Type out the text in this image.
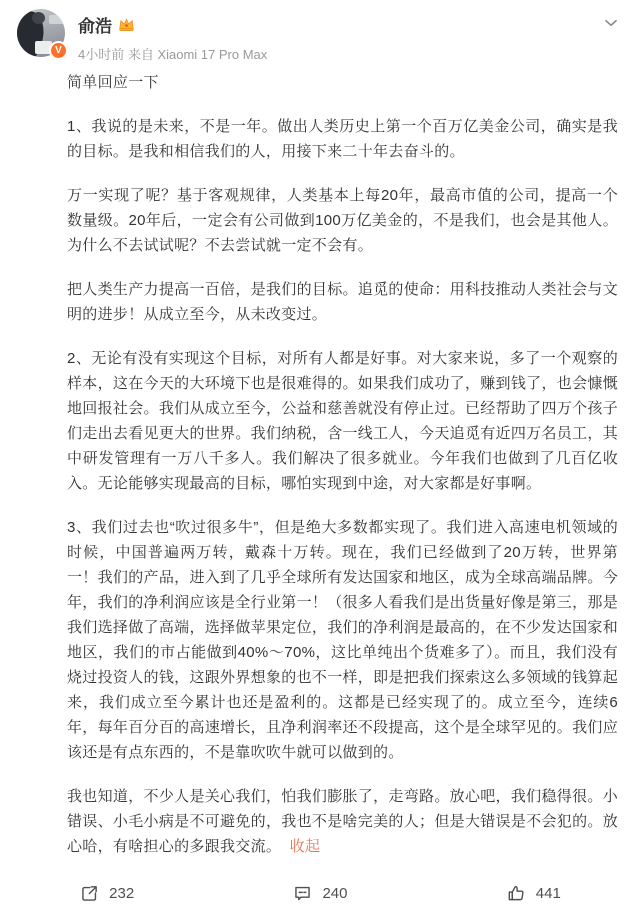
V
俞浩
4小时前 来自 Xiaomi 17 Pro Max

简单回应一下

1、我说的是未来，不是一年。做出人类历史上第一个百万亿美金公司，确实是我的目标。是我和相信我们的人，用接下来二十年去奋斗的。

万一实现了呢？基于客观规律，人类基本上每20年，最高市值的公司，提高一个数量级。20年后，一定会有公司做到100万亿美金的，不是我们，也会是其他人。为什么不去试试呢？不去尝试就一定不会有。

把人类生产力提高一百倍，是我们的目标。追觅的使命：用科技推动人类社会与文明的进步！从成立至今，从未改变过。

2、无论有没有实现这个目标，对所有人都是好事。对大家来说，多了一个观察的样本，这在今天的大环境下也是很难得的。如果我们成功了，赚到钱了，也会慷慨地回报社会。我们从成立至今，公益和慈善就没有停止过。已经帮助了四万个孩子们走出去看见更大的世界。我们纳税，含一线工人，今天追觅有近四万名员工，其中研发管理有一万八千多人。我们解决了很多就业。今年我们也做到了几百亿收入。无论能够实现最高的目标，哪怕实现到中途，对大家都是好事啊。

3、我们过去也“吹过很多牛”，但是绝大多数都实现了。我们进入高速电机领域的时候，中国普遍两万转，戴森十万转。现在，我们已经做到了20万转，世界第一！我们的产品，进入到了几乎全球所有发达国家和地区，成为全球高端品牌。今年，我们的净利润应该是全行业第一！（很多人看我们是出货量好像是第三，那是我们选择做了高端，选择做苹果定位，我们的净利润是最高的，在不少发达国家和地区，我们的市占能做到40%～70%，这比单纯出个货难多了）。而且，我们没有烧过投资人的钱，这跟外界想象的也不一样，即是把我们探索这么多领域的钱算起来，我们成立至今累计也还是盈利的。这都是已经实现了的。成立至今，连续6年，每年百分百的高速增长，且净利润率还不段提高，这个是全球罕见的。我们应该还是有点东西的，不是靠吹吹牛就可以做到的。

我也知道，不少人是关心我们，怕我们膨胀了，走弯路。放心吧，我们稳得很。小错误、小毛小病是不可避免的，我也不是啥完美的人；但是大错误是不会犯的。放心哈，有啥担心的多跟我交流。 收起

232	240	441
